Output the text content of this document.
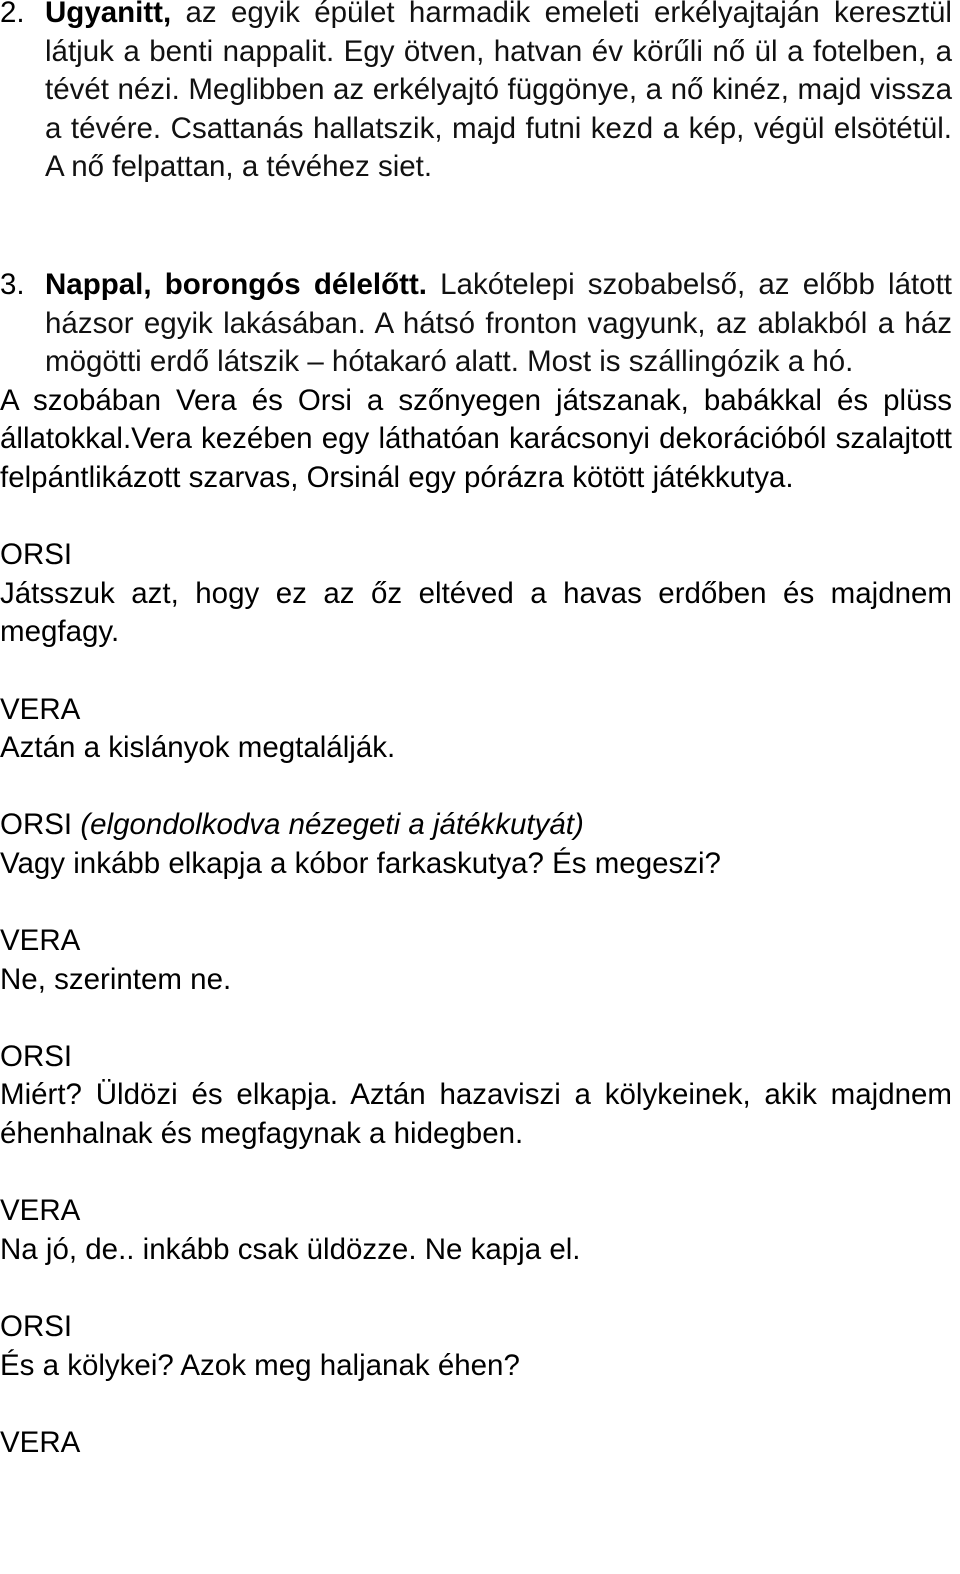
2. Ugyanitt, az egyik épület harmadik emeleti erkélyajtaján keresztül látjuk a benti nappalit. Egy ötven, hatvan év körűli nő ül a fotelben, a tévét nézi. Meglibben az erkélyajtó függönye, a nő kinéz, majd vissza a tévére. Csattanás hallatszik, majd futni kezd a kép, végül elsötétül. A nő felpattan, a tévéhez siet.

3. Nappal, borongós délelőtt. Lakótelepi szobabelső, az előbb látott házsor egyik lakásában. A hátsó fronton vagyunk, az ablakból a ház mögötti erdő látszik – hótakaró alatt. Most is szállingózik a hó.

A szobában Vera és Orsi a szőnyegen játszanak, babákkal és plüss állatokkal.Vera kezében egy láthatóan karácsonyi dekorációból szalajtott felpántlikázott szarvas, Orsinál egy pórázra kötött játékkutya.

ORSI

Játsszuk azt, hogy ez az őz eltéved a havas erdőben és majdnem megfagy.

VERA

Aztán a kislányok megtalálják.

ORSI (elgondolkodva nézegeti a játékkutyát)

Vagy inkább elkapja a kóbor farkaskutya? És megeszi?

VERA

Ne, szerintem ne.

ORSI

Miért? Üldözi és elkapja. Aztán hazaviszi a kölykeinek, akik majdnem éhenhalnak és megfagynak a hidegben.

VERA

Na jó, de.. inkább csak üldözze. Ne kapja el.

ORSI

És a kölykei? Azok meg haljanak éhen?

VERA
